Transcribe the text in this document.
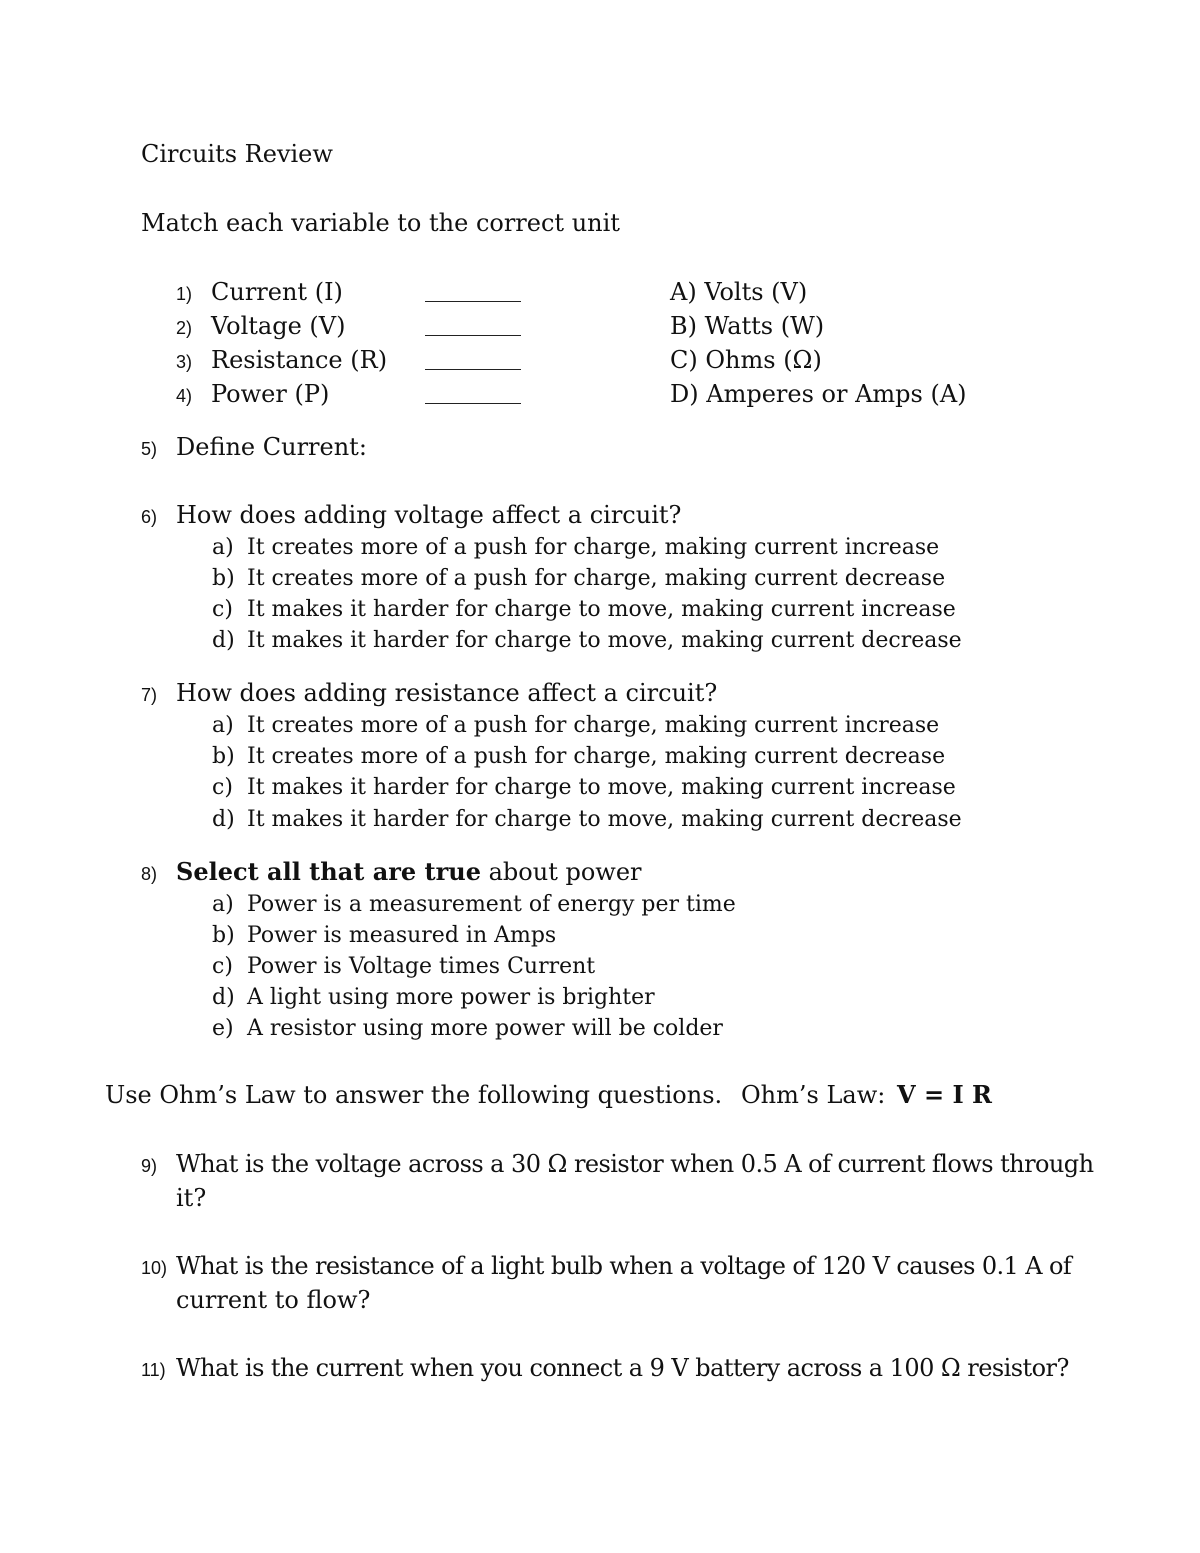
Circuits Review
Match each variable to the correct unit
1) Current (I)
2) Voltage (V)
3) Resistance (R)
4) Power (P)
A) Volts (V)
B) Watts (W)
C) Ohms (Ω)
D) Amperes or Amps (A)
5) Define Current:
6) How does adding voltage affect a circuit?
a) It creates more of a push for charge, making current increase
b) It creates more of a push for charge, making current decrease
c) It makes it harder for charge to move, making current increase
d) It makes it harder for charge to move, making current decrease
7) How does adding resistance affect a circuit?
a) It creates more of a push for charge, making current increase
b) It creates more of a push for charge, making current decrease
c) It makes it harder for charge to move, making current increase
d) It makes it harder for charge to move, making current decrease
8) Select all that are true about power
a) Power is a measurement of energy per time
b) Power is measured in Amps
c) Power is Voltage times Current
d) A light using more power is brighter
e) A resistor using more power will be colder
Use Ohm’s Law to answer the following questions. Ohm’s Law: V = I R
9) What is the voltage across a 30 Ω resistor when 0.5 A of current flows through
it?
10) What is the resistance of a light bulb when a voltage of 120 V causes 0.1 A of
current to flow?
11) What is the current when you connect a 9 V battery across a 100 Ω resistor?
